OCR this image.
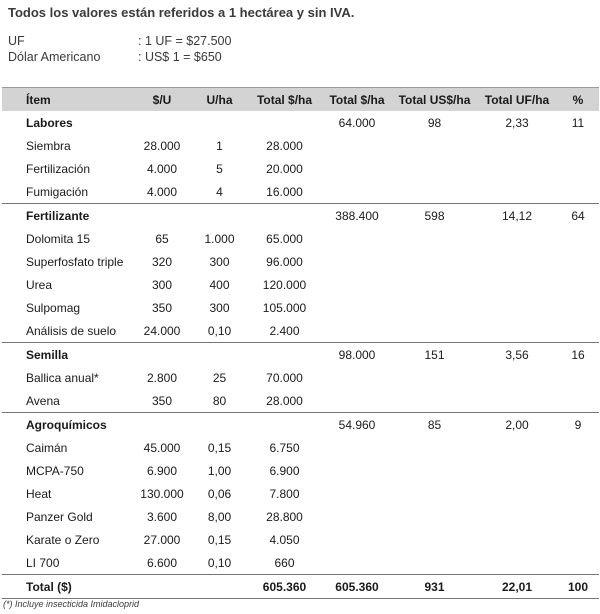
Todos los valores están referidos a 1 hectárea y sin IVA.
UF	: 1 UF = $27.500
Dólar Americano	: US$ 1 = $650
Ítem	$/U	U/ha	Total $/ha	Total $/ha	Total US$/ha	Total UF/ha	%
Labores				64.000	98	2,33	11
Siembra	28.000	1	28.000				
Fertilización	4.000	5	20.000				
Fumigación	4.000	4	16.000				
Fertilizante				388.400	598	14,12	64
Dolomita 15	65	1.000	65.000				
Superfosfato triple	320	300	96.000				
Urea	300	400	120.000				
Sulpomag	350	300	105.000				
Análisis de suelo	24.000	0,10	2.400				
Semilla				98.000	151	3,56	16
Ballica anual*	2.800	25	70.000				
Avena	350	80	28.000				
Agroquímicos				54.960	85	2,00	9
Caimán	45.000	0,15	6.750				
MCPA-750	6.900	1,00	6.900				
Heat	130.000	0,06	7.800				
Panzer Gold	3.600	8,00	28.800				
Karate o Zero	27.000	0,15	4.050				
LI 700	6.600	0,10	660				
Total ($)			605.360	605.360	931	22,01	100
(*) Incluye insecticida Imidacloprid
